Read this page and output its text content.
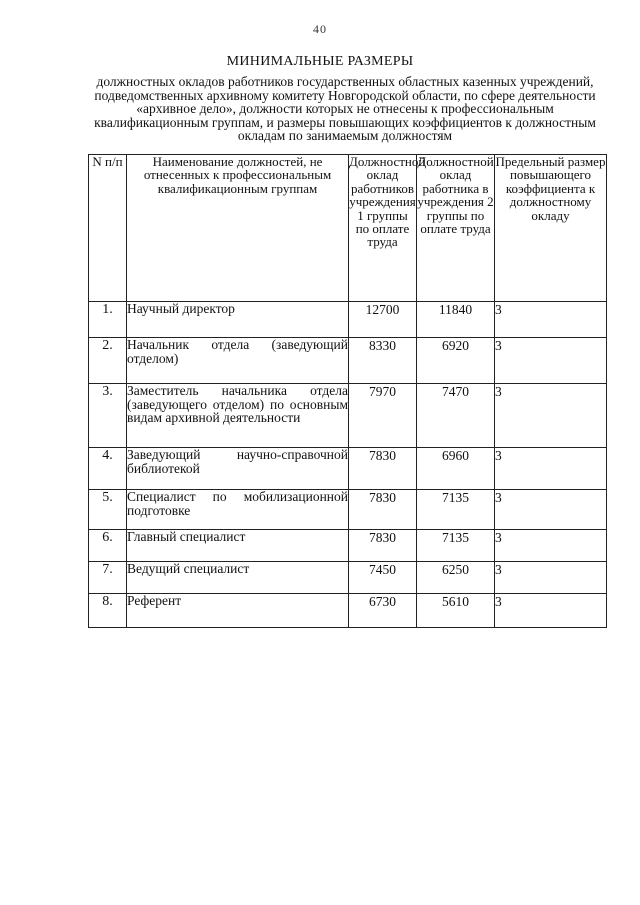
40
МИНИМАЛЬНЫЕ РАЗМЕРЫ
должностных окладов работников государственных областных казенных учреждений, подведомственных архивному комитету Новгородской области, по сфере деятельности «архивное дело», должности которых не отнесены к профессиональным квалификационным группам, и размеры повышающих коэффициентов к должностным окладам по занимаемым должностям
N п/п	Наименование должностей, не отнесенных к профессиональным квалификационным группам	Должностной оклад работников учреждения 1 группы по оплате труда	Должностной оклад работника в учреждения 2 группы по оплате труда	Предельный размер повышающего коэффициента к должностному окладу
1.	Научный директор	12700	11840	3
2.	Начальник отдела (заведующий отделом)	8330	6920	3
3.	Заместитель начальника отдела (заведующего отделом) по основным видам архивной деятельности	7970	7470	3
4.	Заведующий научно-справочной библиотекой	7830	6960	3
5.	Специалист по мобилизационной подготовке	7830	7135	3
6.	Главный специалист	7830	7135	3
7.	Ведущий специалист	7450	6250	3
8.	Референт	6730	5610	3
